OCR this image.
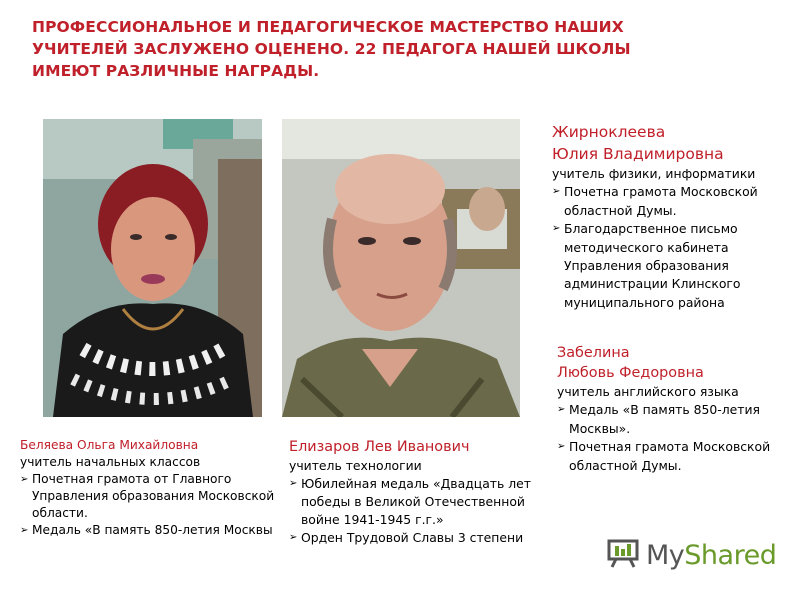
ПРОФЕССИОНАЛЬНОЕ И ПЕДАГОГИЧЕСКОЕ МАСТЕРСТВО НАШИХ УЧИТЕЛЕЙ ЗАСЛУЖЕНО ОЦЕНЕНО. 22 ПЕДАГОГА НАШЕЙ ШКОЛЫ ИМЕЮТ РАЗЛИЧНЫЕ НАГРАДЫ.
Беляева Ольга Михайловна
учитель начальных классов
➢ Почетная грамота от Главного Управления образования Московской области.
➢ Медаль «В память 850-летия Москвы
Елизаров Лев Иванович
учитель технологии
➢ Юбилейная медаль «Двадцать лет победы в Великой Отечественной войне 1941-1945 г.г.»
➢ Орден Трудовой Славы 3 степени
Жирноклеева
Юлия Владимировна
учитель физики, информатики
➢ Почетна грамота Московской областной Думы.
➢ Благодарственное письмо методического кабинета Управления образования администрации Клинского муниципального района
Забелина
Любовь Федоровна
учитель английского языка
➢ Медаль «В память 850-летия Москвы».
➢ Почетная грамота Московской областной Думы.
MyShared
